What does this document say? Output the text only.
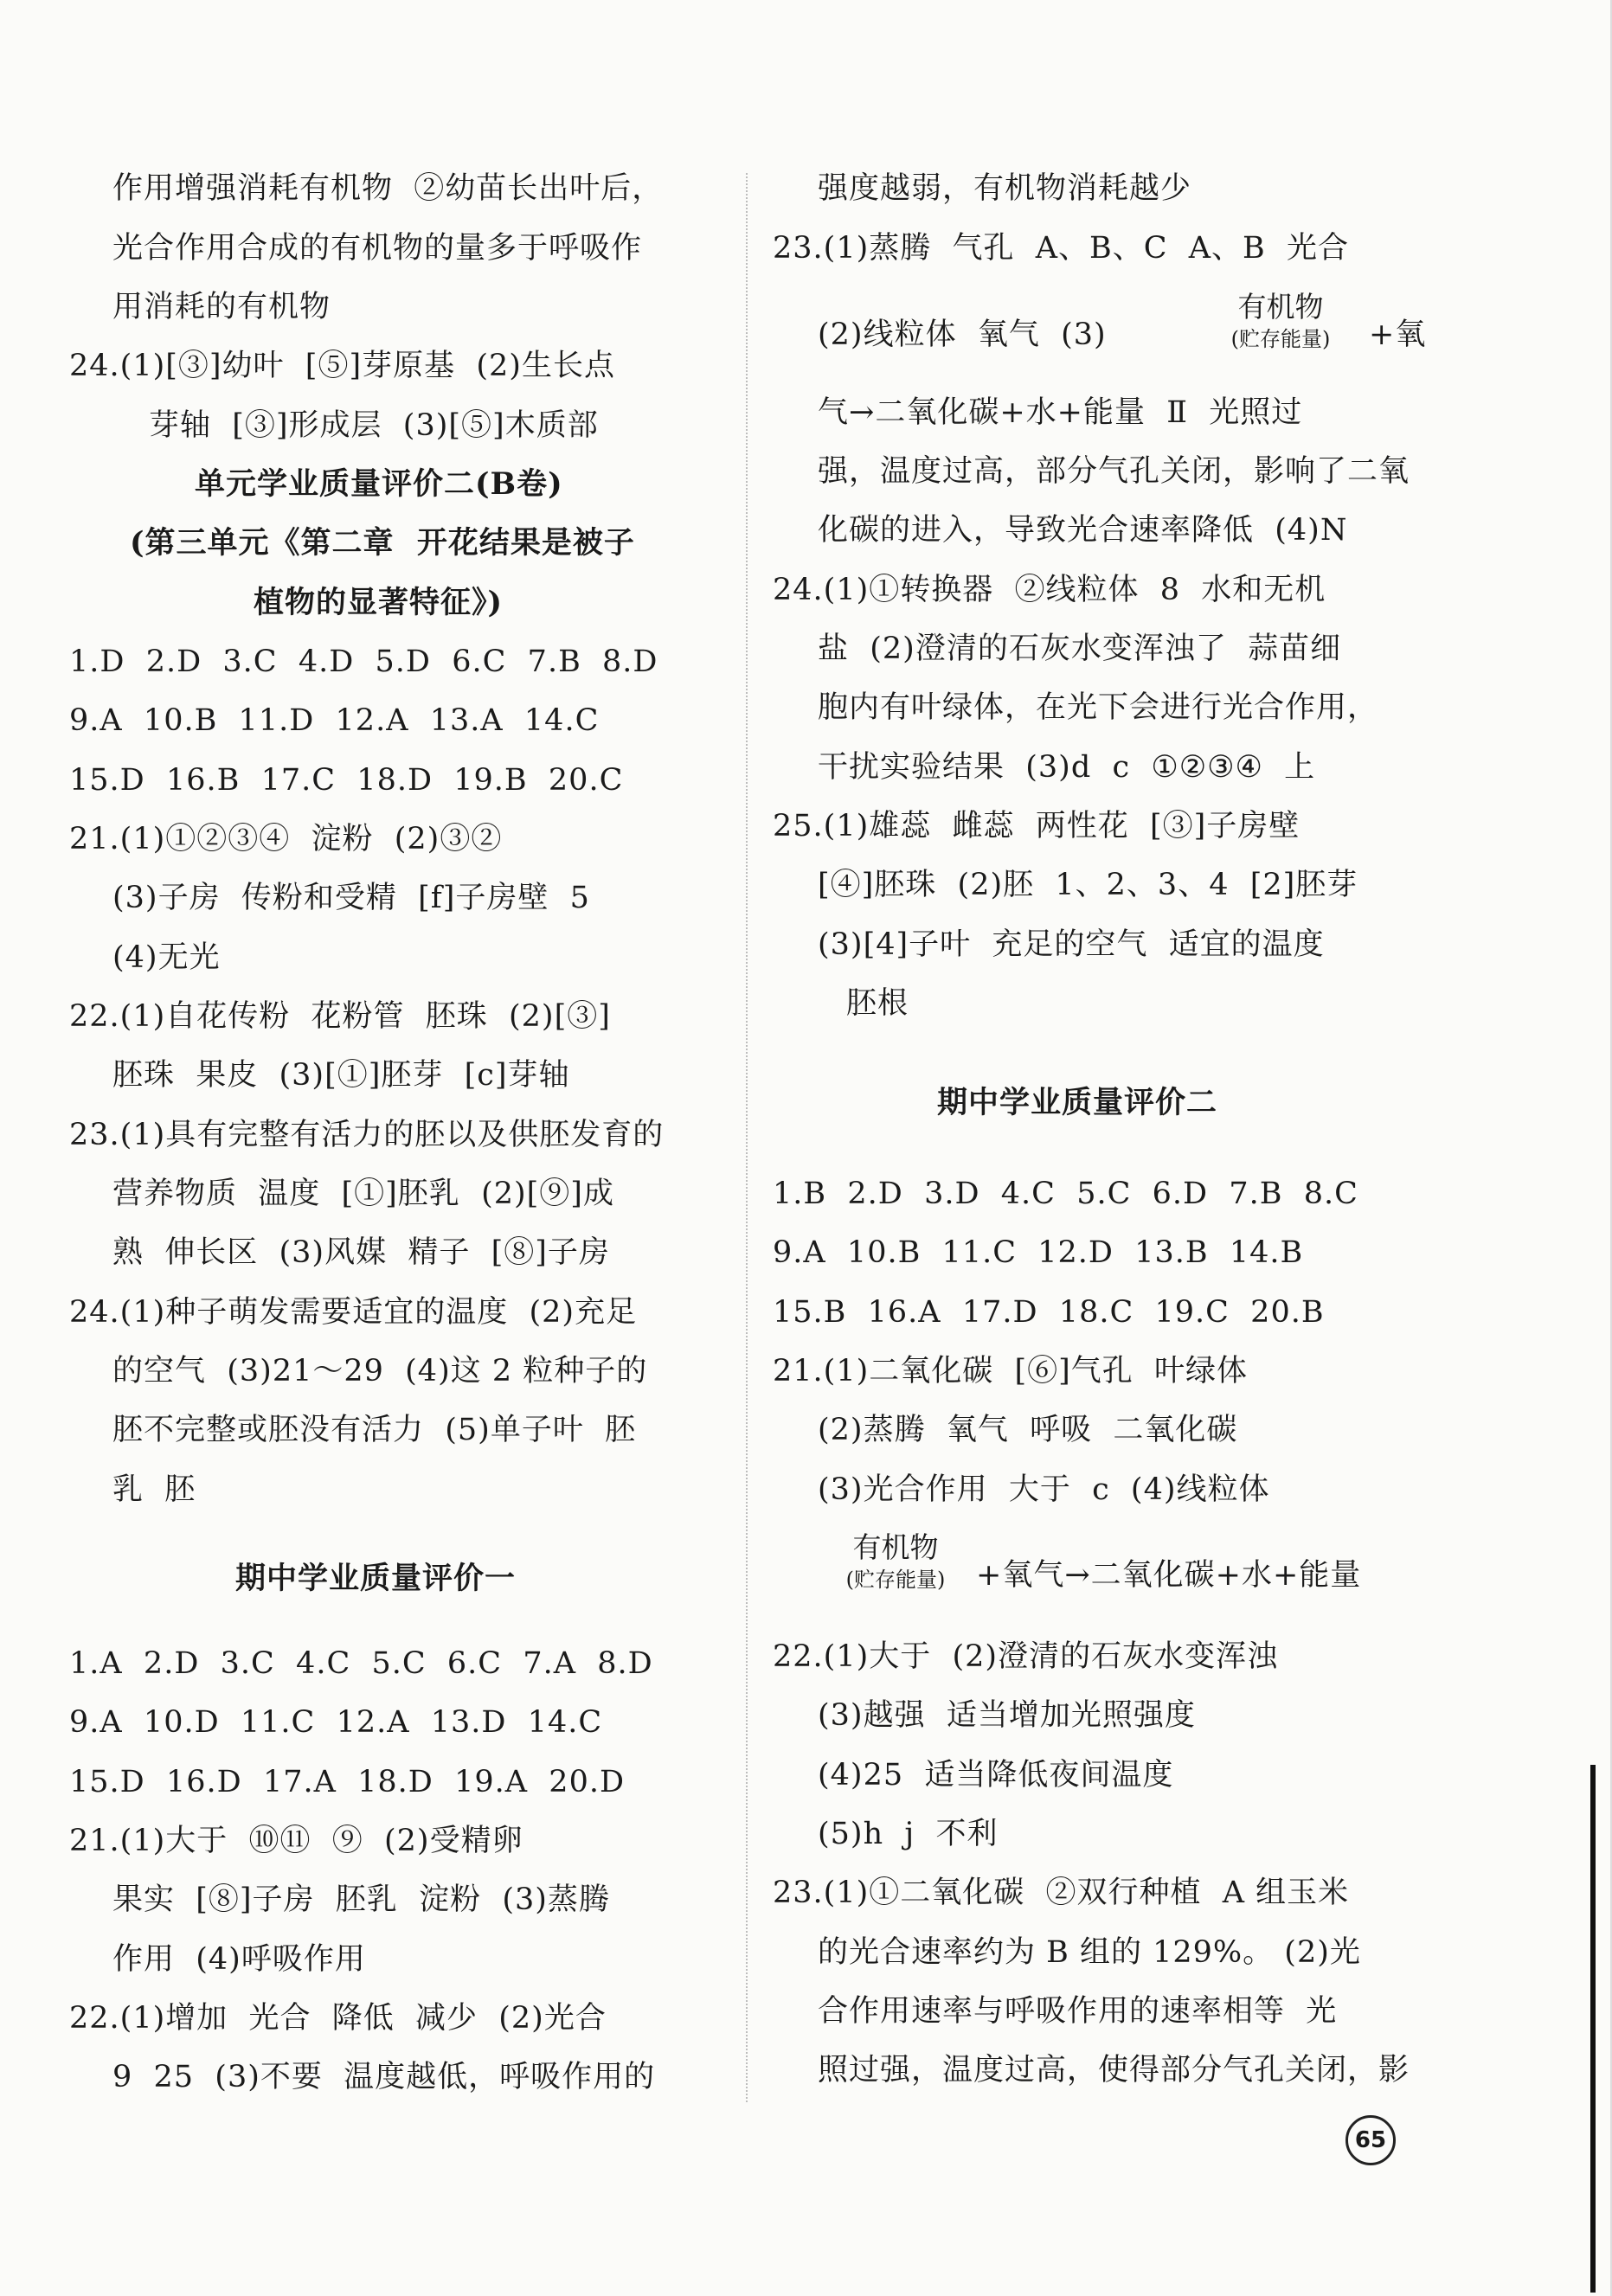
作用增强消耗有机物  ②幼苗长出叶后，
光合作用合成的有机物的量多于呼吸作
用消耗的有机物
24.(1)[③]幼叶  [⑤]芽原基  (2)生长点
芽轴  [③]形成层  (3)[⑤]木质部
单元学业质量评价二(B卷)
(第三单元《第二章  开花结果是被子
植物的显著特征》)
1.D  2.D  3.C  4.D  5.D  6.C  7.B  8.D
9.A  10.B  11.D  12.A  13.A  14.C
15.D  16.B  17.C  18.D  19.B  20.C
21.(1)①②③④  淀粉  (2)③②
(3)子房  传粉和受精  [f]子房壁  5
(4)无光
22.(1)自花传粉  花粉管  胚珠  (2)[③]
胚珠  果皮  (3)[①]胚芽  [c]芽轴
23.(1)具有完整有活力的胚以及供胚发育的
营养物质  温度  [①]胚乳  (2)[⑨]成
熟  伸长区  (3)风媒  精子  [⑧]子房
24.(1)种子萌发需要适宜的温度  (2)充足
的空气  (3)21～29  (4)这 2 粒种子的
胚不完整或胚没有活力  (5)单子叶  胚
乳  胚
期中学业质量评价一
1.A  2.D  3.C  4.C  5.C  6.C  7.A  8.D
9.A  10.D  11.C  12.A  13.D  14.C
15.D  16.D  17.A  18.D  19.A  20.D
21.(1)大于  ⑩⑪  ⑨  (2)受精卵
果实  [⑧]子房  胚乳  淀粉  (3)蒸腾
作用  (4)呼吸作用
22.(1)增加  光合  降低  减少  (2)光合
9  25  (3)不要  温度越低，呼吸作用的
强度越弱，有机物消耗越少
23.(1)蒸腾  气孔  A、B、C  A、B  光合
(2)线粒体  氧气  (3)
有机物
(贮存能量)	+氧
气→二氧化碳+水+能量  Ⅱ  光照过
强，温度过高，部分气孔关闭，影响了二氧
化碳的进入，导致光合速率降低  (4)N
24.(1)①转换器  ②线粒体  8  水和无机
盐  (2)澄清的石灰水变浑浊了  蒜苗细
胞内有叶绿体，在光下会进行光合作用，
干扰实验结果  (3)d  c  ①②③④  上
25.(1)雄蕊  雌蕊  两性花  [③]子房壁
[④]胚珠  (2)胚  1、2、3、4  [2]胚芽
(3)[4]子叶  充足的空气  适宜的温度
胚根
期中学业质量评价二
1.B  2.D  3.D  4.C  5.C  6.D  7.B  8.C
9.A  10.B  11.C  12.D  13.B  14.B
15.B  16.A  17.D  18.C  19.C  20.B
21.(1)二氧化碳  [⑥]气孔  叶绿体
(2)蒸腾  氧气  呼吸  二氧化碳
(3)光合作用  大于  c  (4)线粒体
有机物
(贮存能量)	+氧气→二氧化碳+水+能量
22.(1)大于  (2)澄清的石灰水变浑浊
(3)越强  适当增加光照强度
(4)25  适当降低夜间温度
(5)h  j  不利
23.(1)①二氧化碳  ②双行种植  A 组玉米
的光合速率约为 B 组的 129%。 (2)光
合作用速率与呼吸作用的速率相等  光
照过强，温度过高，使得部分气孔关闭，影
65
